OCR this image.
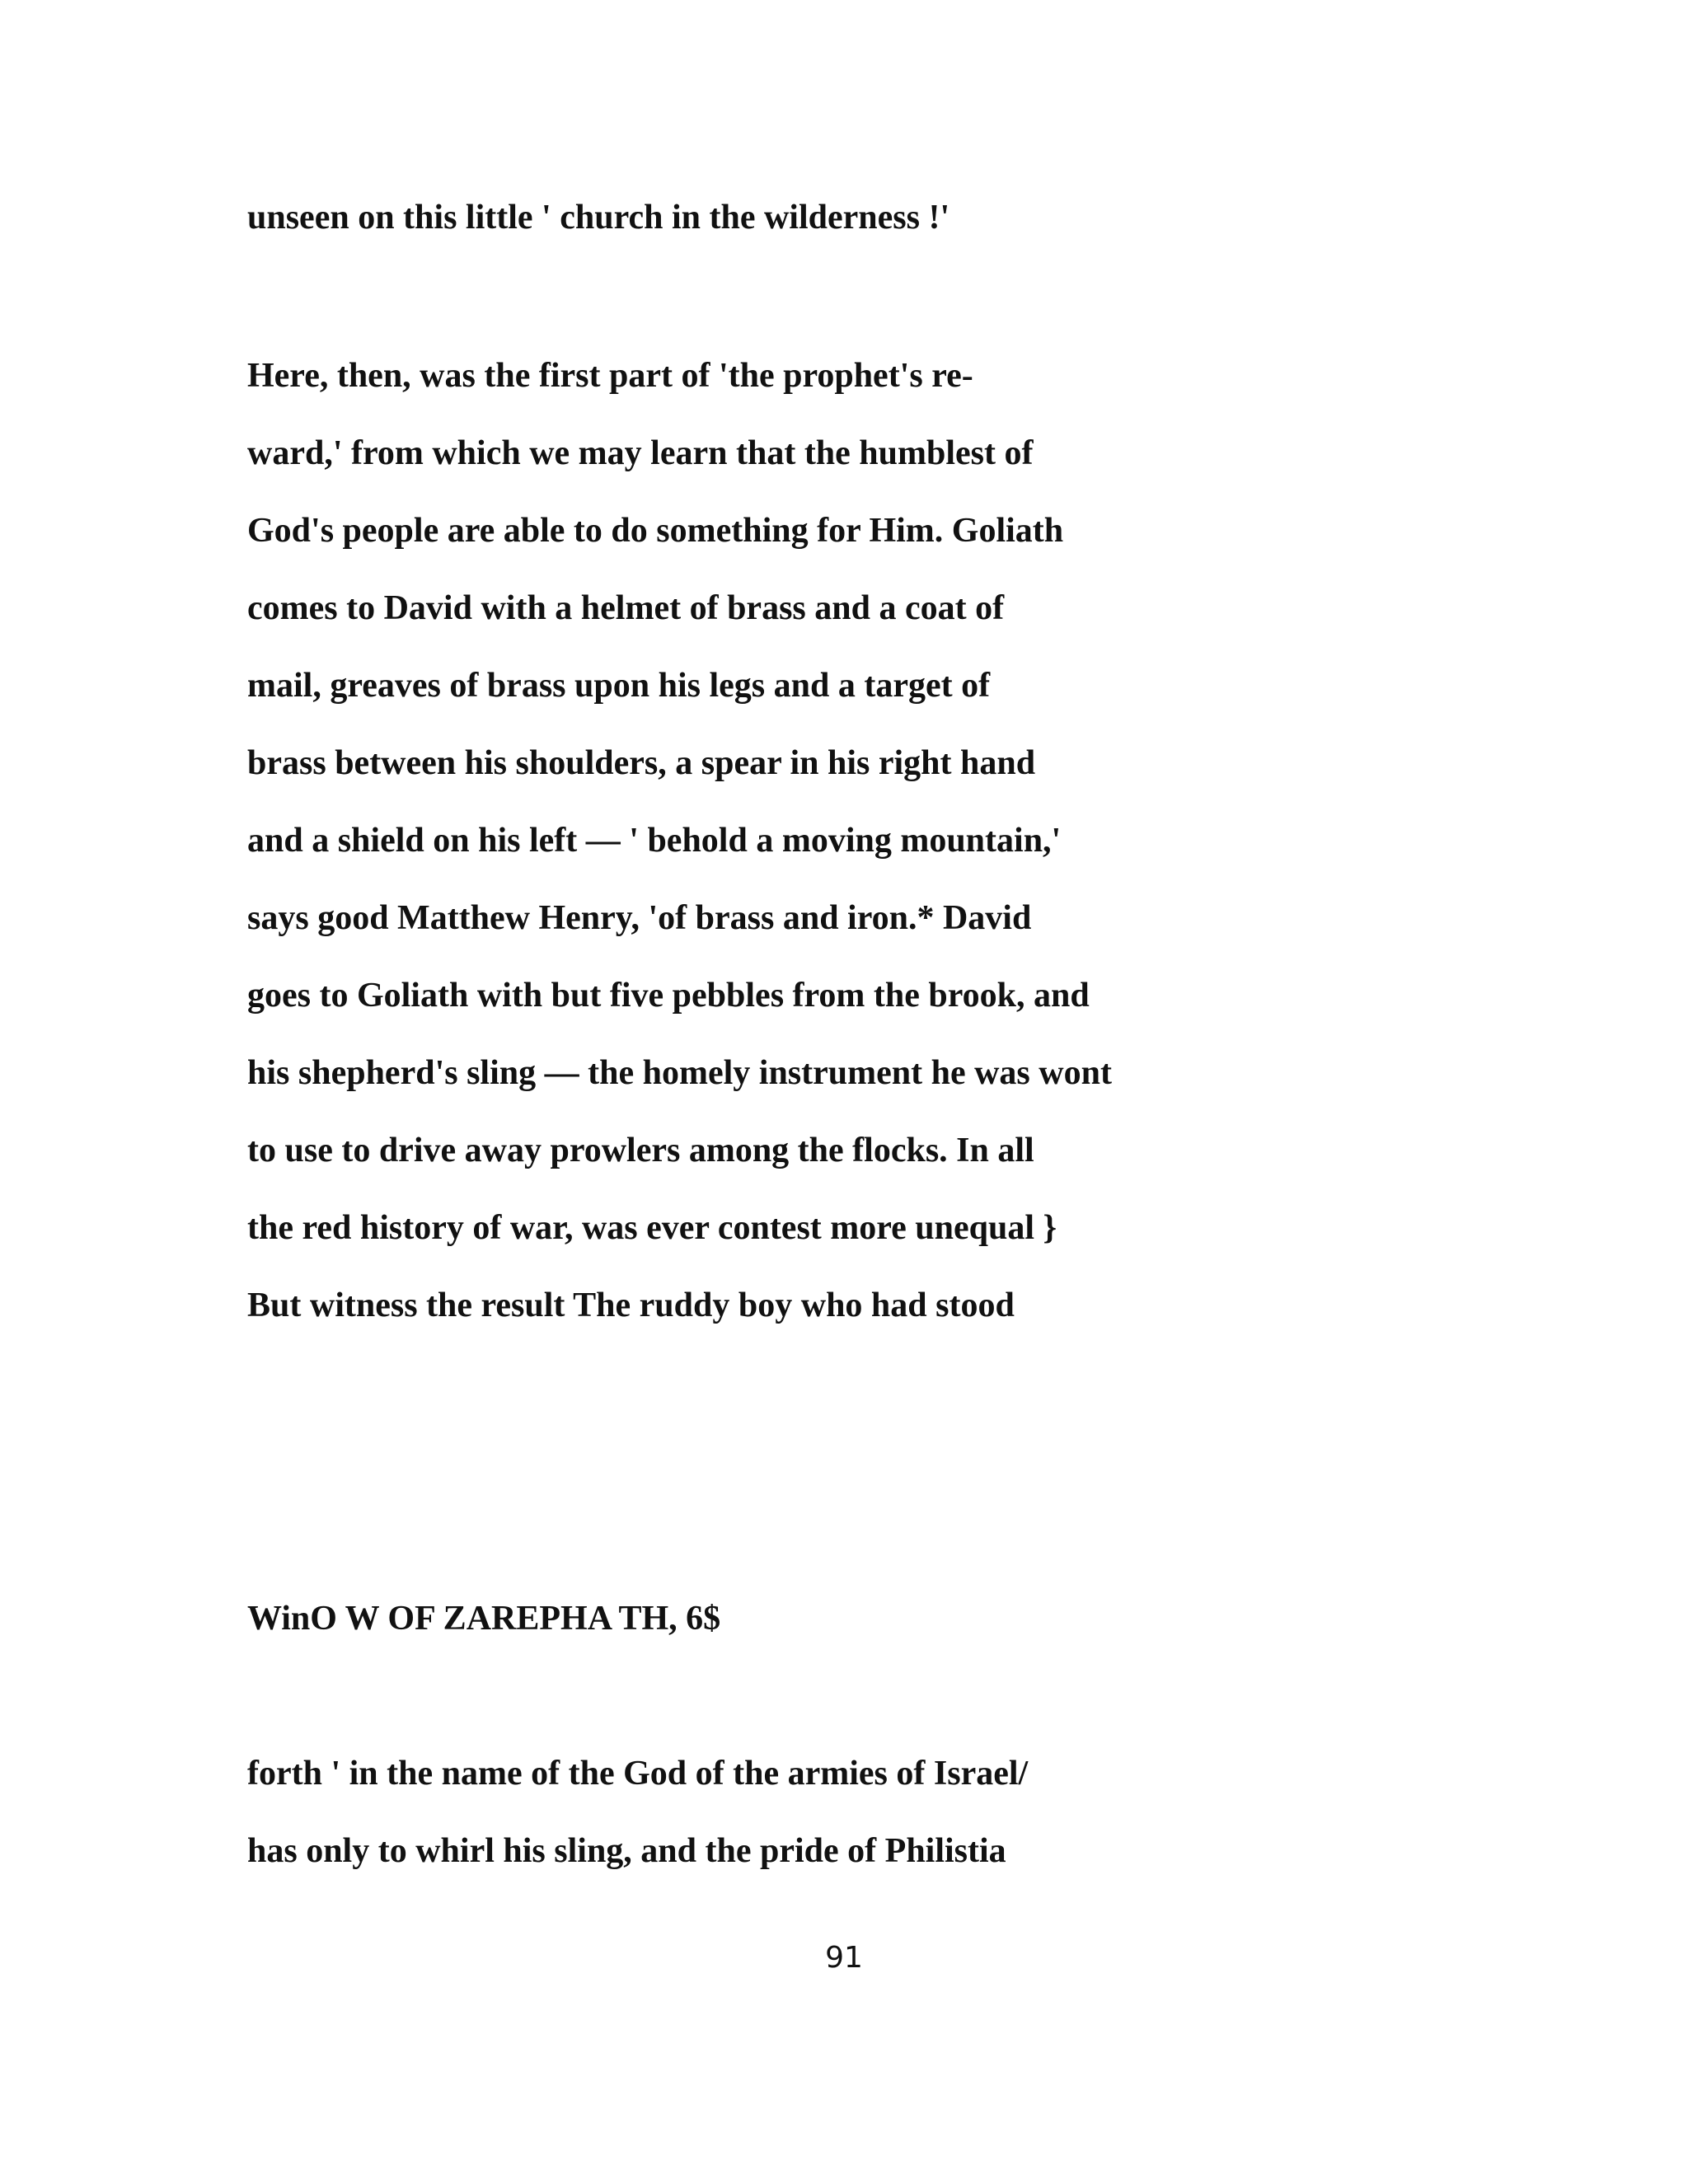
unseen on this little ' church in the wilderness !'

Here, then, was the first part of 'the prophet's re-

ward,' from which we may learn that the humblest of

God's people are able to do something for Him. Goliath

comes to David with a helmet of brass and a coat of

mail, greaves of brass upon his legs and a target of

brass between his shoulders, a spear in his right hand

and a shield on his left — ' behold a moving mountain,'

says good Matthew Henry, 'of brass and iron.* David

goes to Goliath with but five pebbles from the brook, and

his shepherd's sling — the homely instrument he was wont

to use to drive away prowlers among the flocks. In all

the red history of war, was ever contest more unequal }

But witness the result The ruddy boy who had stood

WinO W OF ZAREPHA TH, 6$

forth ' in the name of the God of the armies of Israel/

has only to whirl his sling, and the pride of Philistia

91
